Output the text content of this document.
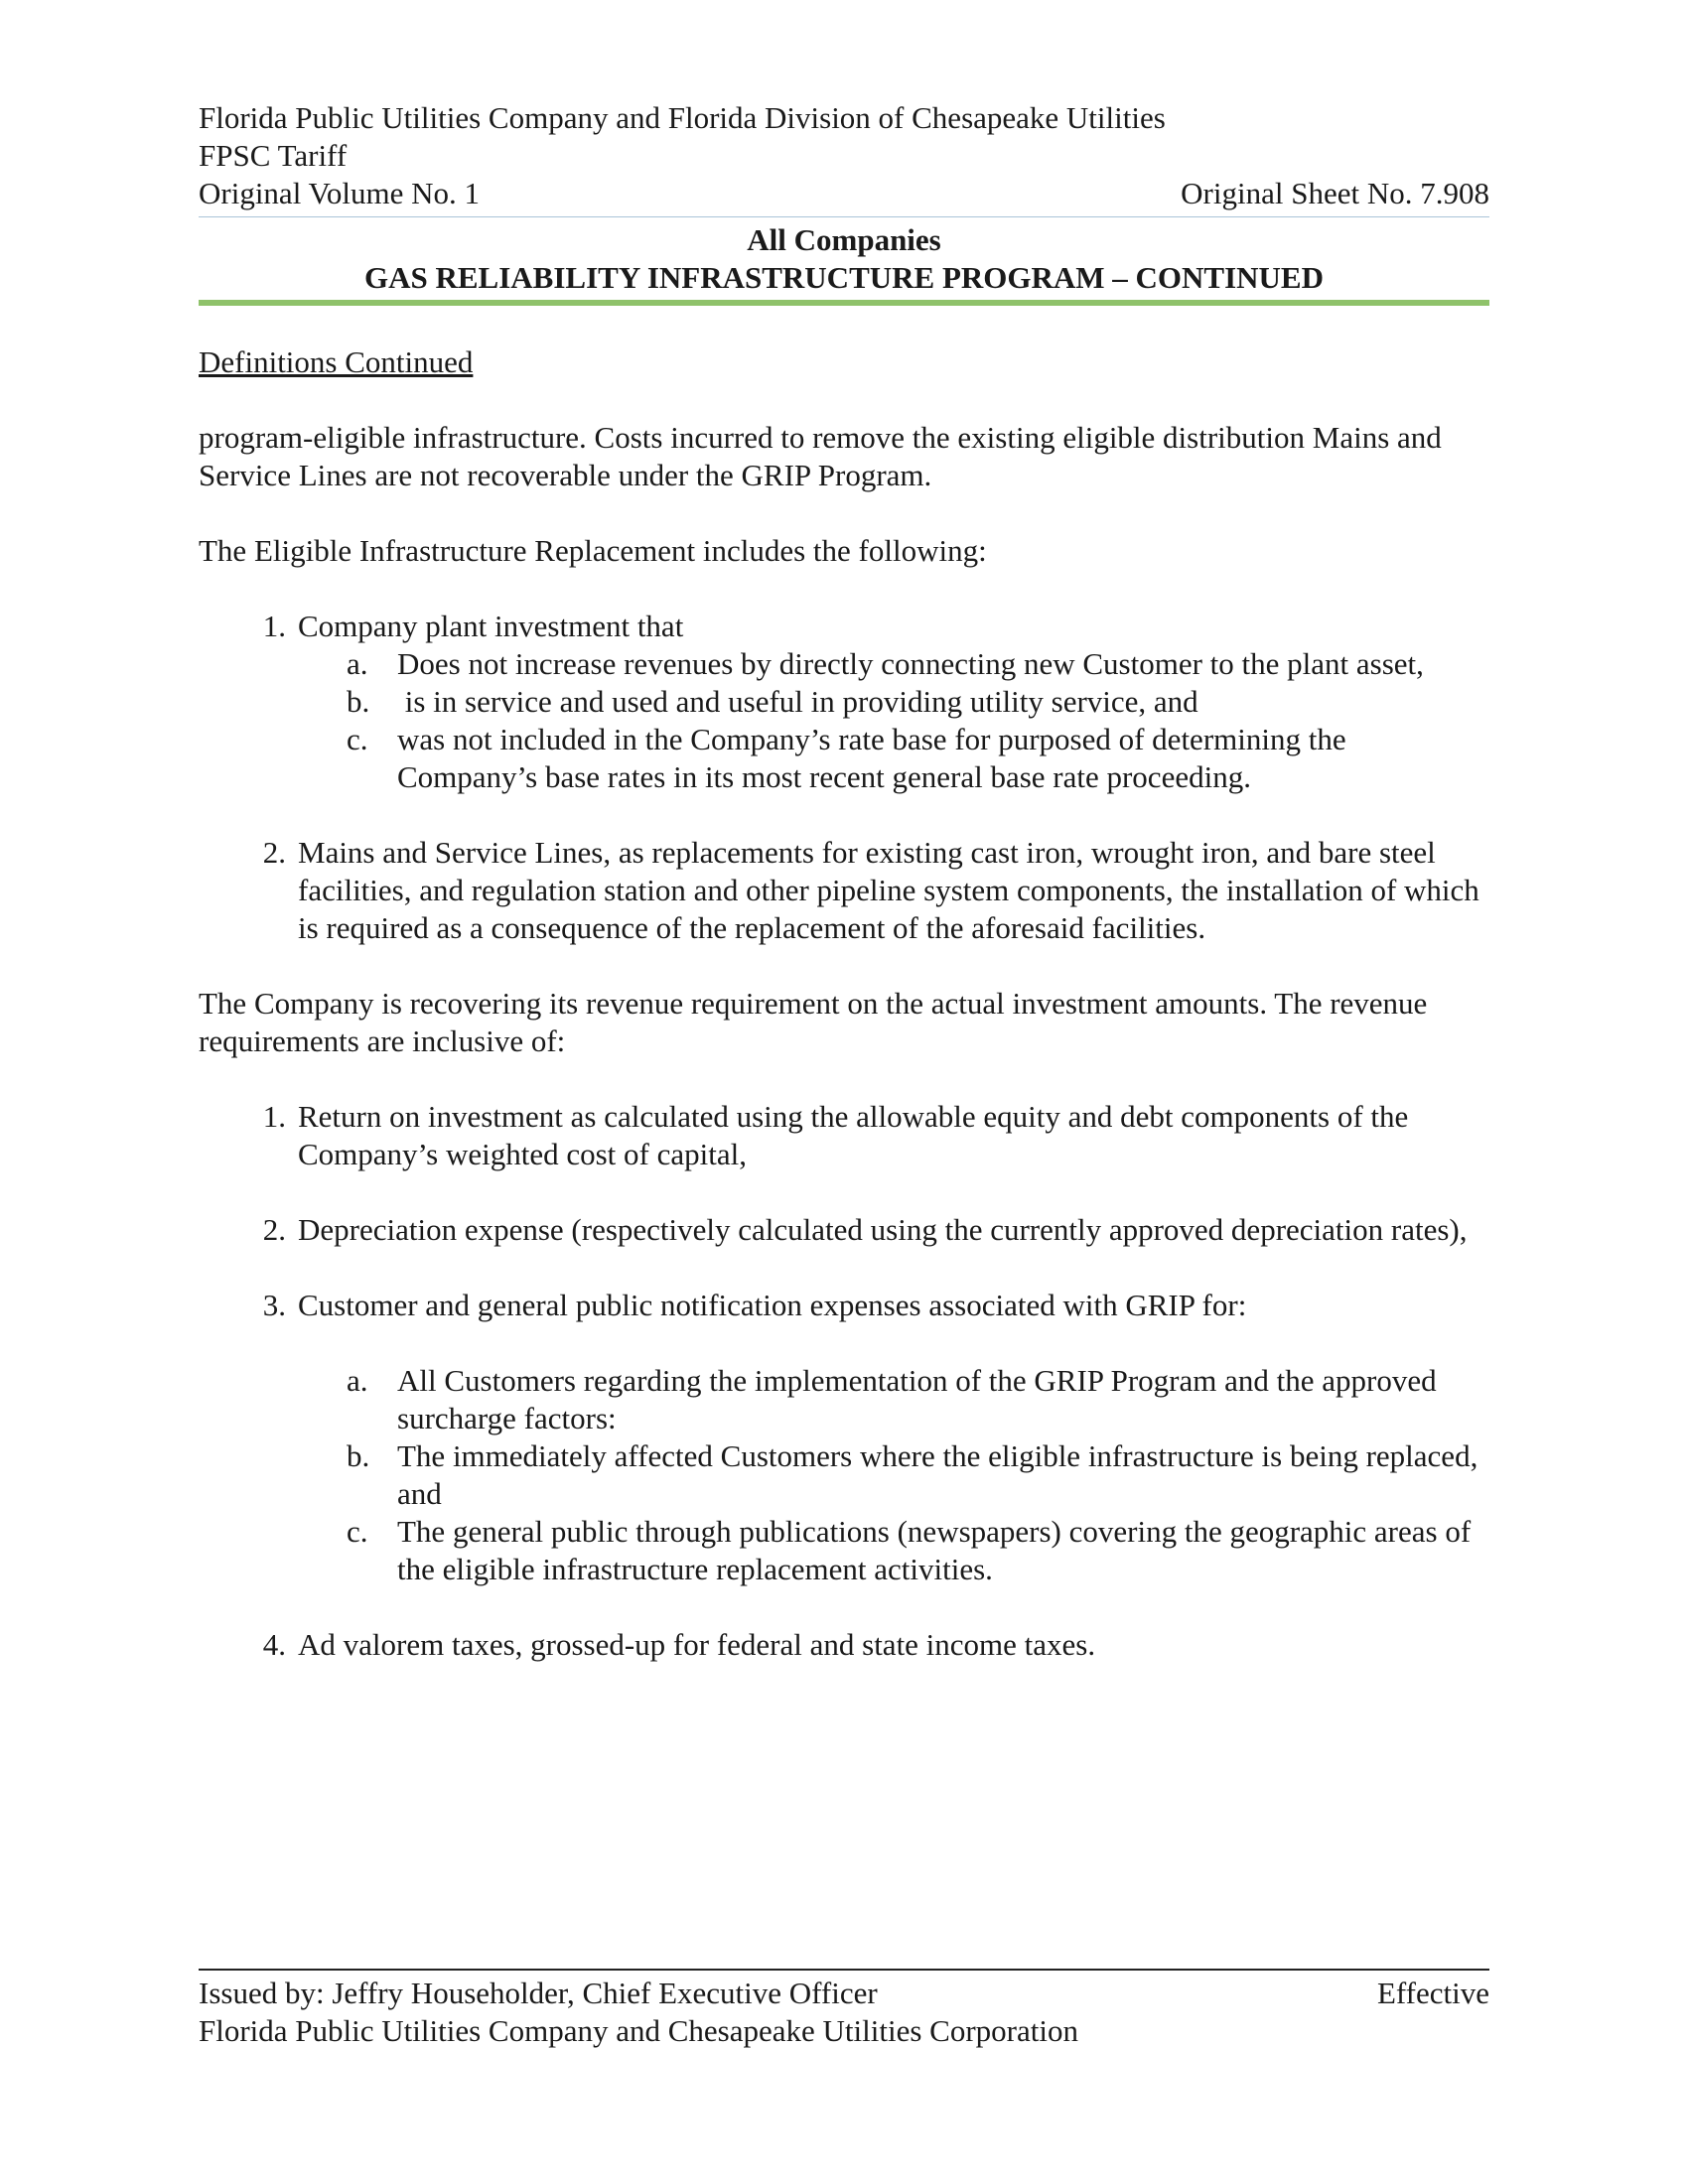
Florida Public Utilities Company and Florida Division of Chesapeake Utilities
FPSC Tariff
Original Volume No. 1	Original Sheet No. 7.908
All Companies
GAS RELIABILITY INFRASTRUCTURE PROGRAM – CONTINUED
Definitions Continued

program-eligible infrastructure. Costs incurred to remove the existing eligible distribution Mains and Service Lines are not recoverable under the GRIP Program.

The Eligible Infrastructure Replacement includes the following:

1. Company plant investment that
a. Does not increase revenues by directly connecting new Customer to the plant asset,
b. is in service and used and useful in providing utility service, and
c. was not included in the Company’s rate base for purposed of determining the Company’s base rates in its most recent general base rate proceeding.
2. Mains and Service Lines, as replacements for existing cast iron, wrought iron, and bare steel facilities, and regulation station and other pipeline system components, the installation of which is required as a consequence of the replacement of the aforesaid facilities.

The Company is recovering its revenue requirement on the actual investment amounts. The revenue requirements are inclusive of:

1. Return on investment as calculated using the allowable equity and debt components of the Company’s weighted cost of capital,
2. Depreciation expense (respectively calculated using the currently approved depreciation rates),
3. Customer and general public notification expenses associated with GRIP for:
a. All Customers regarding the implementation of the GRIP Program and the approved surcharge factors:
b. The immediately affected Customers where the eligible infrastructure is being replaced, and
c. The general public through publications (newspapers) covering the geographic areas of the eligible infrastructure replacement activities.
4. Ad valorem taxes, grossed-up for federal and state income taxes.
Issued by: Jeffry Householder, Chief Executive Officer	Effective
Florida Public Utilities Company and Chesapeake Utilities Corporation
